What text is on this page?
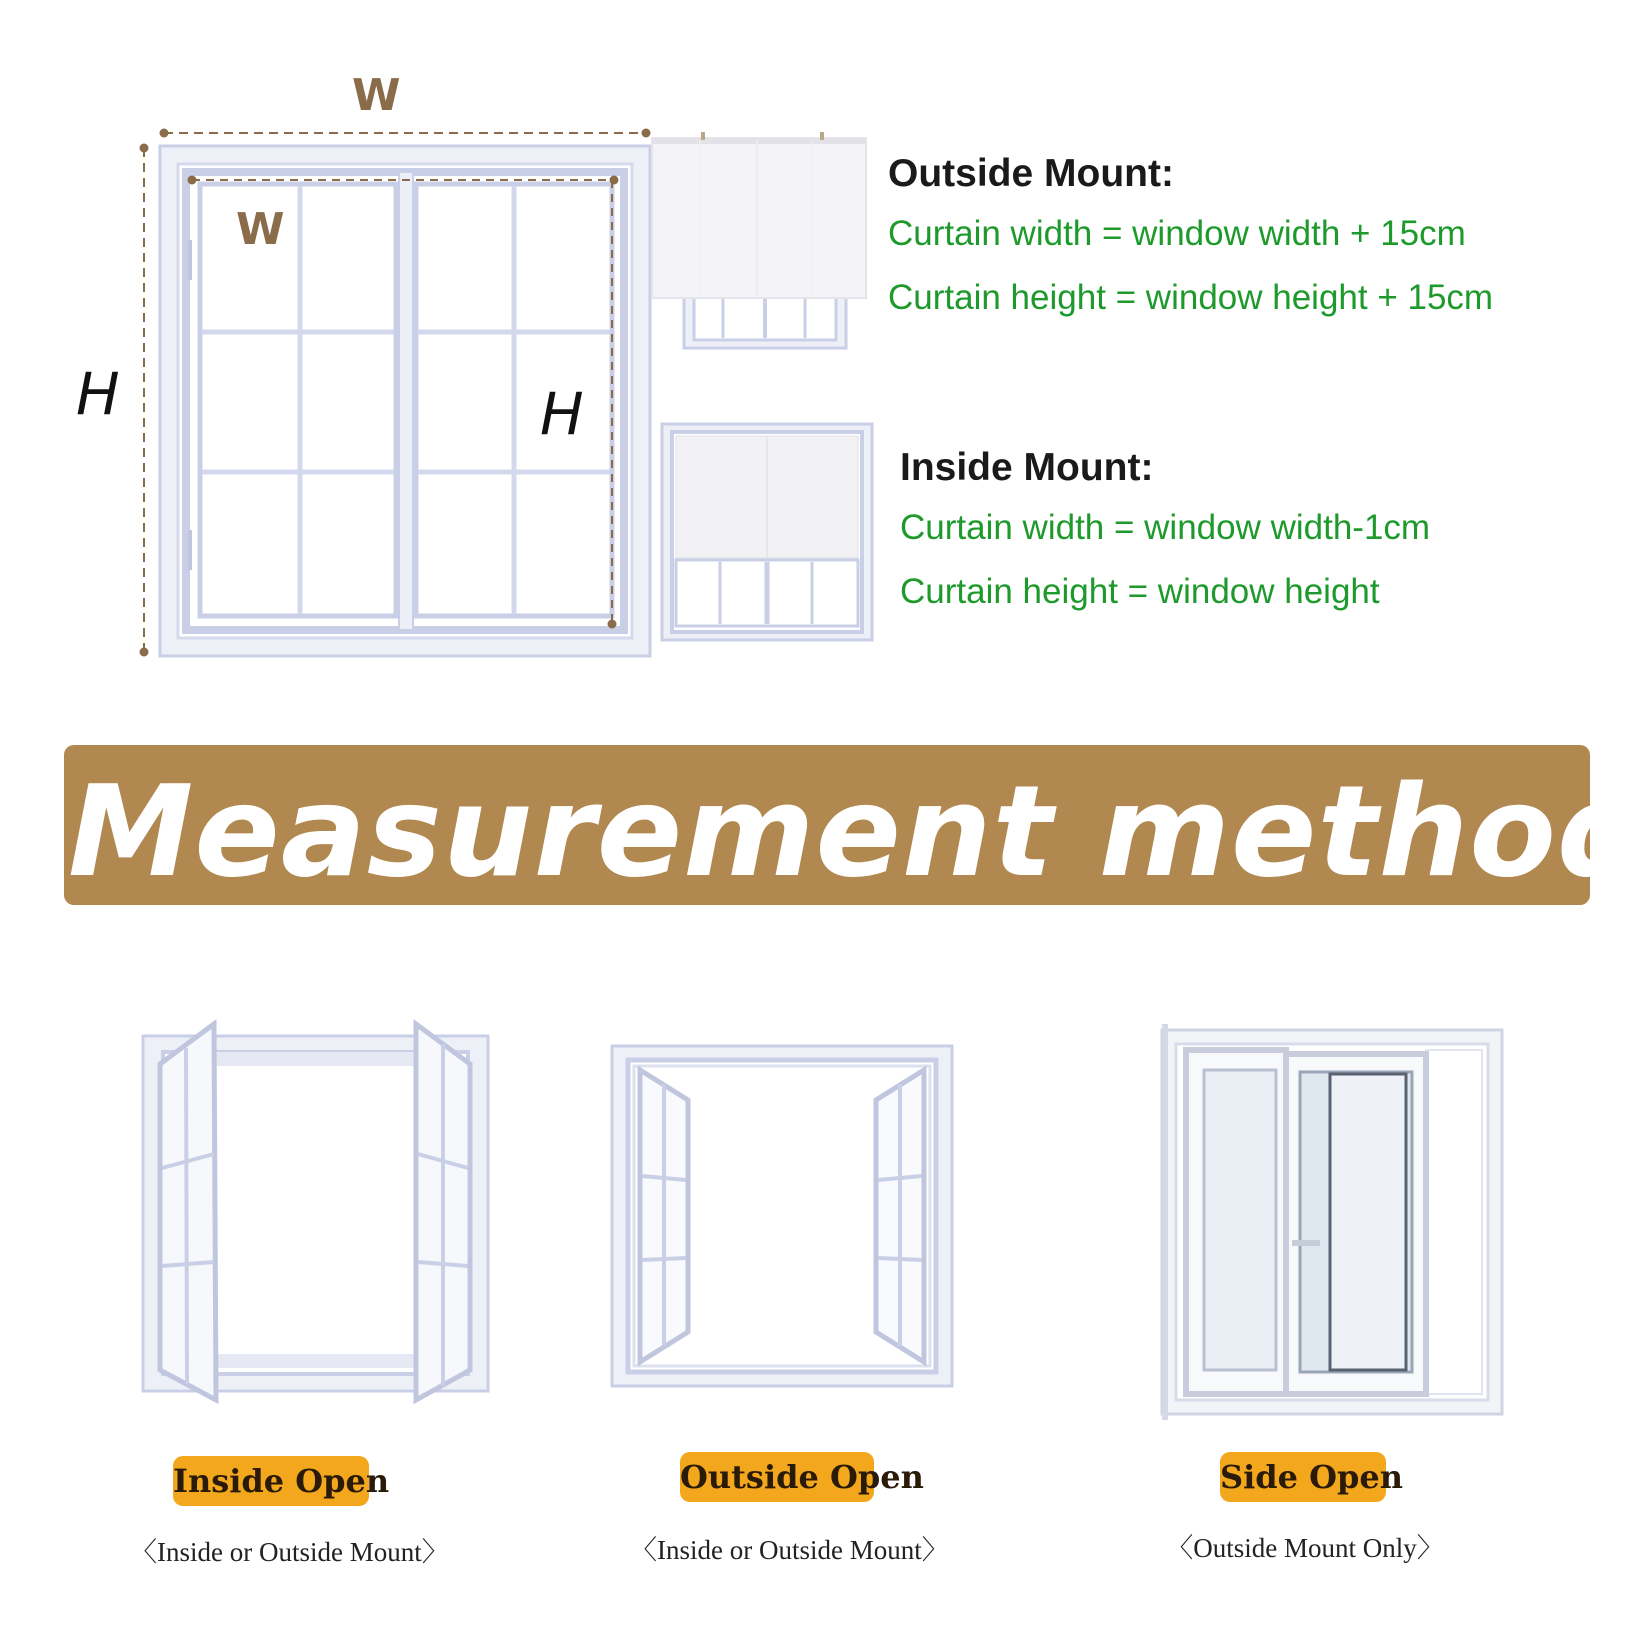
W
W
H	H
Outside Mount:
Curtain width = window width + 15cm
Curtain height = window height + 15cm
Inside Mount:
Curtain width = window width-1cm
Curtain height = window height
Measurement method
Inside Open
〈Inside or Outside Mount〉
Outside Open
〈Inside or Outside Mount〉
Side Open
〈Outside Mount Only〉
